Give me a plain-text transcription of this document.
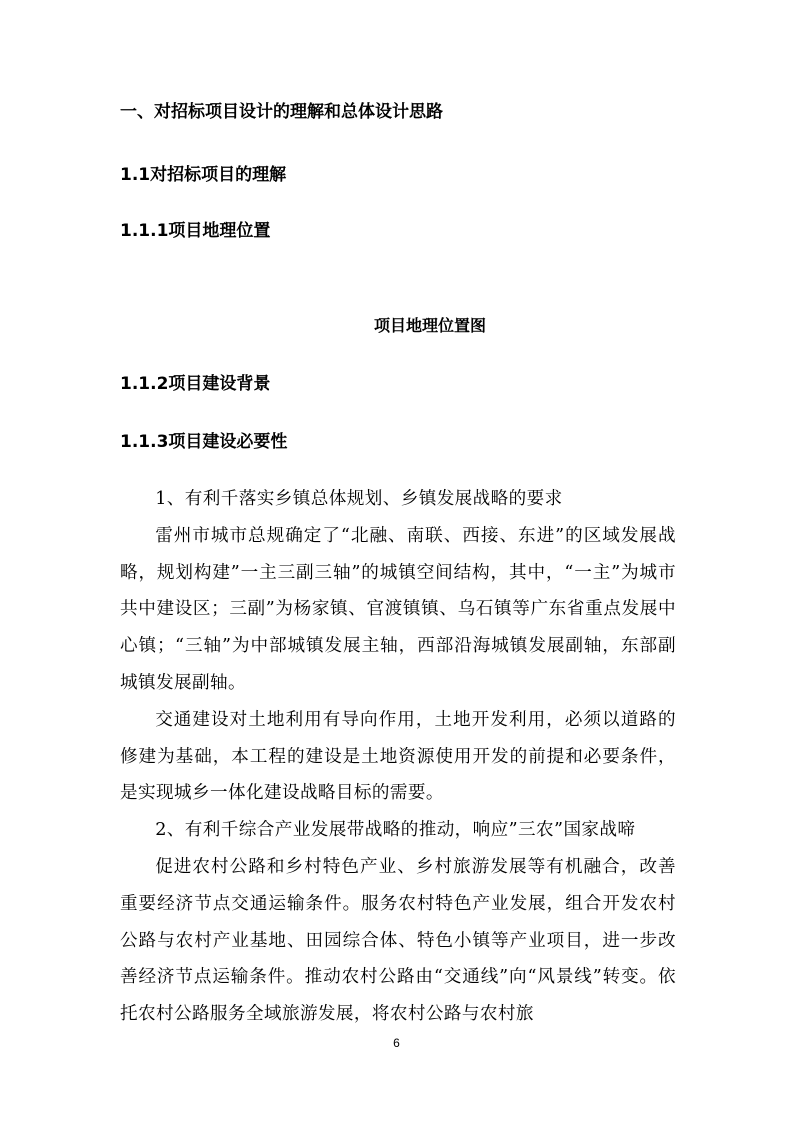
一、对招标项目设计的理解和总体设计思路
1.1对招标项目的理解
1.1.1项目地理位置
项目地理位置图
1.1.2项目建设背景
1.1.3项目建设必要性

1、有利千落实乡镇总体规划、乡镇发展战略的要求

雷州市城市总规确定了“北融、南联、西接、东进”的区域发展战略，规划构建”一主三副三轴”的城镇空间结构，其中，“一主”为城市共中建设区；三副”为杨家镇、官渡镇镇、乌石镇等广东省重点发展中心镇；“三轴”为中部城镇发展主轴，西部沿海城镇发展副轴，东部副城镇发展副轴。

交通建设对土地利用有导向作用，土地开发利用，必须以道路的修建为基础，本工程的建设是土地资源使用开发的前提和必要条件，是实现城乡一体化建设战略目标的需要。

2、有利千综合产业发展带战略的推动，响应”三农”国家战啼

促进农村公路和乡村特色产业、乡村旅游发展等有机融合，改善重要经济节点交通运输条件。服务农村特色产业发展，组合开发农村公路与农村产业基地、田园综合体、特色小镇等产业项目，进一步改善经济节点运输条件。推动农村公路由“交通线”向“风景线”转变。依托农村公路服务全域旅游发展，将农村公路与农村旅

6
